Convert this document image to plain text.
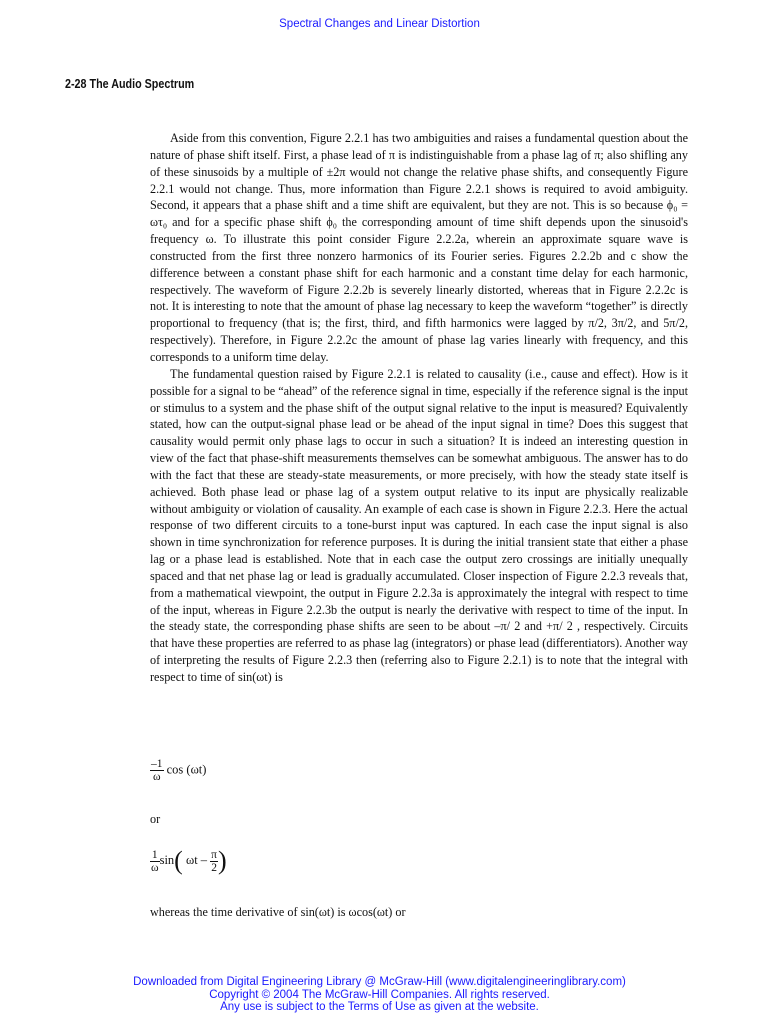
Spectral Changes and Linear Distortion
2-28 The Audio Spectrum

Aside from this convention, Figure 2.2.1 has two ambiguities and raises a fundamental question about the nature of phase shift itself. First, a phase lead of π is indistinguishable from a phase lag of π; also shifling any of these sinusoids by a multiple of ±2π would not change the relative phase shifts, and consequently Figure 2.2.1 would not change. Thus, more information than Figure 2.2.1 shows is required to avoid ambiguity. Second, it appears that a phase shift and a time shift are equivalent, but they are not. This is so because ϕ₀ = ωτ₀ and for a specific phase shift ϕ₀ the corresponding amount of time shift depends upon the sinusoid's frequency ω. To illustrate this point consider Figure 2.2.2a, wherein an approximate square wave is constructed from the first three nonzero harmonics of its Fourier series. Figures 2.2.2b and c show the difference between a constant phase shift for each harmonic and a constant time delay for each harmonic, respectively. The waveform of Figure 2.2.2b is severely linearly distorted, whereas that in Figure 2.2.2c is not. It is interesting to note that the amount of phase lag necessary to keep the waveform “together” is directly proportional to frequency (that is; the first, third, and fifth harmonics were lagged by π/2, 3π/2, and 5π/2, respectively). Therefore, in Figure 2.2.2c the amount of phase lag varies linearly with frequency, and this corresponds to a uniform time delay.

The fundamental question raised by Figure 2.2.1 is related to causality (i.e., cause and effect). How is it possible for a signal to be “ahead” of the reference signal in time, especially if the reference signal is the input or stimulus to a system and the phase shift of the output signal relative to the input is measured? Equivalently stated, how can the output-signal phase lead or be ahead of the input signal in time? Does this suggest that causality would permit only phase lags to occur in such a situation? It is indeed an interesting question in view of the fact that phase-shift measurements themselves can be somewhat ambiguous. The answer has to do with the fact that these are steady-state measurements, or more precisely, with how the steady state itself is achieved. Both phase lead or phase lag of a system output relative to its input are physically realizable without ambiguity or violation of causality. An example of each case is shown in Figure 2.2.3. Here the actual response of two different circuits to a tone-burst input was captured. In each case the input signal is also shown in time synchronization for reference purposes. It is during the initial transient state that either a phase lag or a phase lead is established. Note that in each case the output zero crossings are initially unequally spaced and that net phase lag or lead is gradually accumulated. Closer inspection of Figure 2.2.3 reveals that, from a mathematical viewpoint, the output in Figure 2.2.3a is approximately the integral with respect to time of the input, whereas in Figure 2.2.3b the output is nearly the derivative with respect to time of the input. In the steady state, the corresponding phase shifts are seen to be about –π/ 2 and +π/ 2 , respectively. Circuits that have these properties are referred to as phase lag (integrators) or phase lead (differentiators). Another way of interpreting the results of Figure 2.2.3 then (referring also to Figure 2.2.1) is to note that the integral with respect to time of sin(ωt) is

$\frac{-1}{\omega}$ cos (ωt)
or
$\frac{1}{\omega} \sin$( ωt – $\frac{\pi}{2}$ )
whereas the time derivative of sin(ωt) is ωcos(ωt) or
Downloaded from Digital Engineering Library @ McGraw-Hill (www.digitalengineeringlibrary.com)
Copyright © 2004 The McGraw-Hill Companies. All rights reserved.
Any use is subject to the Terms of Use as given at the website.
